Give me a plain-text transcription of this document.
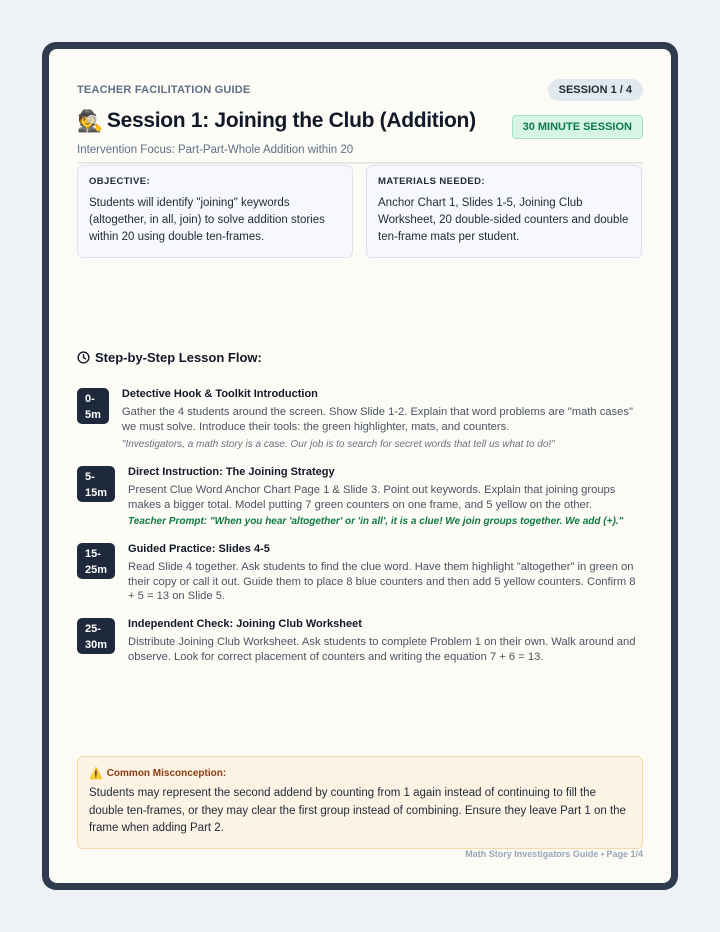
TEACHER FACILITATION GUIDE	SESSION 1 / 4
🕵️ Session 1: Joining the Club (Addition)	30 MINUTE SESSION
Intervention Focus: Part-Part-Whole Addition within 20
OBJECTIVE:
Students will identify "joining" keywords (altogether, in all, join) to solve addition stories within 20 using double ten-frames.
MATERIALS NEEDED:
Anchor Chart 1, Slides 1-5, Joining Club Worksheet, 20 double-sided counters and double ten-frame mats per student.
Step-by-Step Lesson Flow:
0-
5m
Detective Hook & Toolkit Introduction
Gather the 4 students around the screen. Show Slide 1-2. Explain that word problems are "math cases" we must solve. Introduce their tools: the green highlighter, mats, and counters.
"Investigators, a math story is a case. Our job is to search for secret words that tell us what to do!"
5-
15m
Direct Instruction: The Joining Strategy
Present Clue Word Anchor Chart Page 1 & Slide 3. Point out keywords. Explain that joining groups makes a bigger total. Model putting 7 green counters on one frame, and 5 yellow on the other.
Teacher Prompt: "When you hear 'altogether' or 'in all', it is a clue! We join groups together. We add (+)."
15-
25m
Guided Practice: Slides 4-5
Read Slide 4 together. Ask students to find the clue word. Have them highlight "altogether" in green on their copy or call it out. Guide them to place 8 blue counters and then add 5 yellow counters. Confirm 8 + 5 = 13 on Slide 5.
25-
30m
Independent Check: Joining Club Worksheet
Distribute Joining Club Worksheet. Ask students to complete Problem 1 on their own. Walk around and observe. Look for correct placement of counters and writing the equation 7 + 6 = 13.
⚠️ Common Misconception:
Students may represent the second addend by counting from 1 again instead of continuing to fill the double ten-frames, or they may clear the first group instead of combining. Ensure they leave Part 1 on the frame when adding Part 2.
Math Story Investigators Guide • Page 1/4
